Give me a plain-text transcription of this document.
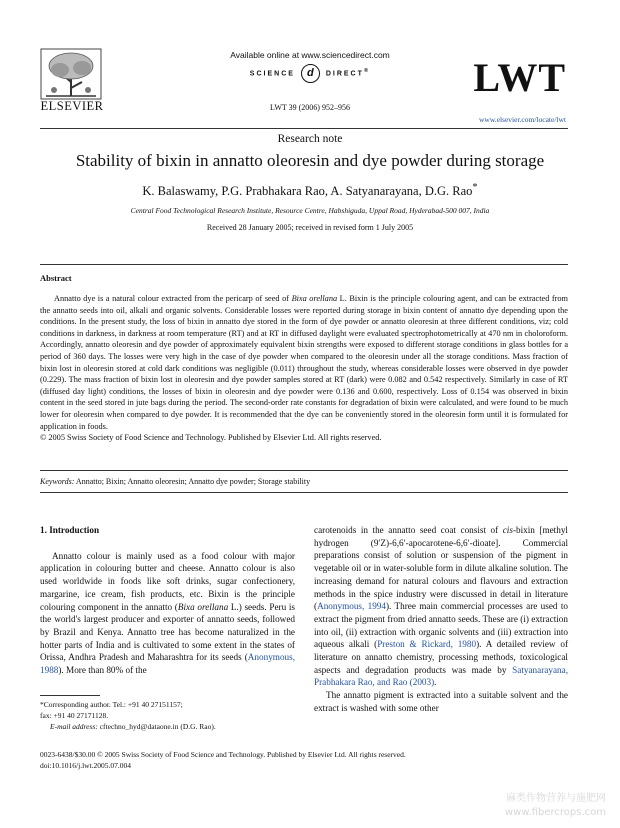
ELSEVIER
Available online at www.sciencedirect.com
SCIENCE d DIRECT®
LWT 39 (2006) 952–956
LWT
www.elsevier.com/locate/lwt
Research note
Stability of bixin in annatto oleoresin and dye powder during storage
K. Balaswamy, P.G. Prabhakara Rao, A. Satyanarayana, D.G. Rao*
Central Food Technological Research Institute, Resource Centre, Habshiguda, Uppal Road, Hyderabad-500 007, India
Received 28 January 2005; received in revised form 1 July 2005
Abstract

Annatto dye is a natural colour extracted from the pericarp of seed of Bixa orellana L. Bixin is the principle colouring agent, and can be extracted from the annatto seeds into oil, alkali and organic solvents. Considerable losses were reported during storage in bixin content of annatto dye depending upon the conditions. In the present study, the loss of bixin in annatto dye stored in the form of dye powder or annatto oleoresin at three different conditions, viz; cold conditions in darkness, in darkness at room temperature (RT) and at RT in diffused daylight were evaluated spectrophotometrically at 470 nm in choloroform. Accordingly, annatto oleoresin and dye powder of approximately equivalent bixin strengths were exposed to different storage conditions in glass bottles for a period of 360 days. The losses were very high in the case of dye powder when compared to the oleoresin under all the storage conditions. Mass fraction of bixin lost in oleoresin stored at cold dark conditions was negligible (0.011) throughout the study, whereas considerable losses were observed in dye powder (0.229). The mass fraction of bixin lost in oleoresin and dye powder samples stored at RT (dark) were 0.082 and 0.542 respectively. Similarly in case of RT (diffused day light) conditions, the losses of bixin in oleoresin and dye powder were 0.136 and 0.600, respectively. Loss of 0.154 was observed in bixin content in the seed stored in jute bags during the period. The second-order rate constants for degradation of bixin were calculated, and were found to be much lower for oleoresin when compared to dye powder. It is recommended that the dye can be conveniently stored in the oleoresin form until it is formulated for application in foods.

© 2005 Swiss Society of Food Science and Technology. Published by Elsevier Ltd. All rights reserved.

Keywords: Annatto; Bixin; Annatto oleoresin; Annatto dye powder; Storage stability

1. Introduction

Annatto colour is mainly used as a food colour with major application in colouring butter and cheese. Annatto colour is also used worldwide in foods like soft drinks, sugar confectionery, margarine, ice cream, fish products, etc. Bixin is the principle colouring component in the annatto (Bixa orellana L.) seeds. Peru is the world's largest producer and exporter of annatto seeds, followed by Brazil and Kenya. Annatto tree has become naturalized in the hotter parts of India and is cultivated to some extent in the states of Orissa, Andhra Pradesh and Maharashtra for its seeds (Anonymous, 1988). More than 80% of the

carotenoids in the annatto seed coat consist of cis-bixin [methyl hydrogen (9′Z)-6,6′-apocarotene-6,6′-dioate]. Commercial preparations consist of solution or suspension of the pigment in vegetable oil or in water-soluble form in dilute alkaline solution. The increasing demand for natural colours and flavours and extraction methods in the spice industry were discussed in detail in literature (Anonymous, 1994). Three main commercial processes are used to extract the pigment from dried annatto seeds. These are (i) extraction into oil, (ii) extraction with organic solvents and (iii) extraction into aqueous alkali (Preston & Rickard, 1980). A detailed review of literature on annatto chemistry, processing methods, toxicological aspects and degradation products was made by Satyanarayana, Prabhakara Rao, and Rao (2003).

The annatto pigment is extracted into a suitable solvent and the extract is washed with some other

*Corresponding author. Tel.: +91 40 27151157;
fax: +91 40 27171128.
E-mail address: cftechno_hyd@dataone.in (D.G. Rao).
0023-6438/$30.00 © 2005 Swiss Society of Food Science and Technology. Published by Elsevier Ltd. All rights reserved.
doi:10.1016/j.lwt.2005.07.004
麻类作物营养与施肥网
www.fibercrops.com
